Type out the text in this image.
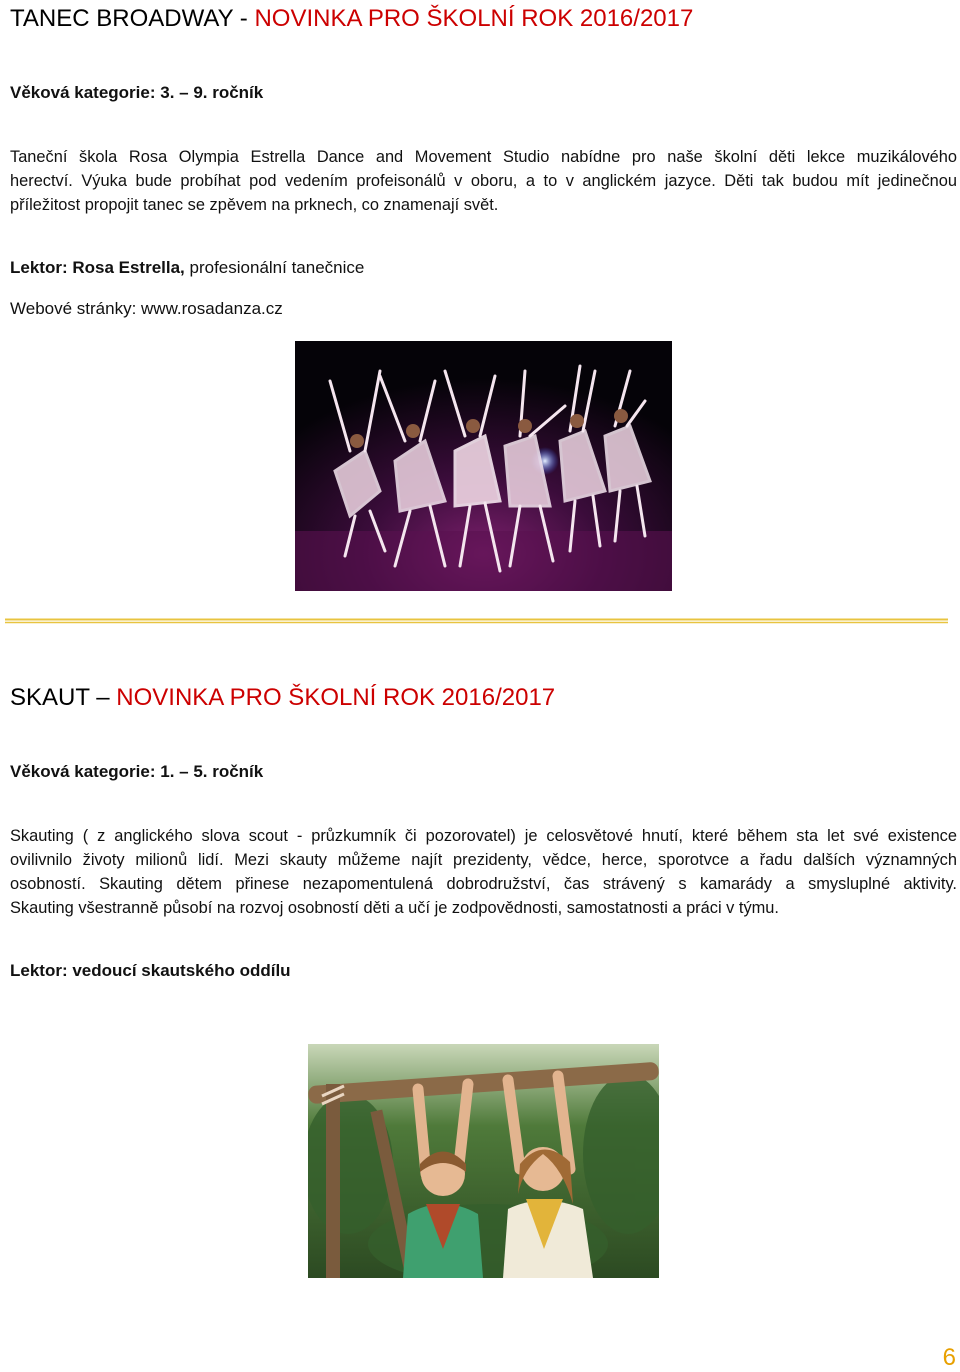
TANEC BROADWAY - NOVINKA PRO ŠKOLNÍ ROK 2016/2017
Věková kategorie: 3. – 9. ročník
Taneční škola Rosa Olympia Estrella Dance and Movement Studio nabídne pro naše školní děti lekce muzikálového
herectví. Výuka bude probíhat pod vedením profeisonálů v oboru, a to v anglickém jazyce. Děti tak budou mít jedinečnou
příležitost propojit tanec se zpěvem na prknech, co znamenají svět.
Lektor: Rosa Estrella, profesionální tanečnice
Webové stránky: www.rosadanza.cz
SKAUT – NOVINKA PRO ŠKOLNÍ ROK 2016/2017
Věková kategorie: 1. – 5. ročník
Skauting ( z anglického slova scout - průzkumník či pozorovatel) je celosvětové hnutí, které během sta let své existence
ovilivnilo životy milionů lidí. Mezi skauty můžeme najít prezidenty, vědce, herce, sporotvce a řadu dalších významných
osobností. Skauting dětem přinese nezapomentulená dobrodružství, čas strávený s kamarády a smysluplné aktivity.
Skauting všestranně působí na rozvoj osobností děti a učí je zodpovědnosti, samostatnosti a práci v týmu.
Lektor: vedoucí skautského oddílu
6
